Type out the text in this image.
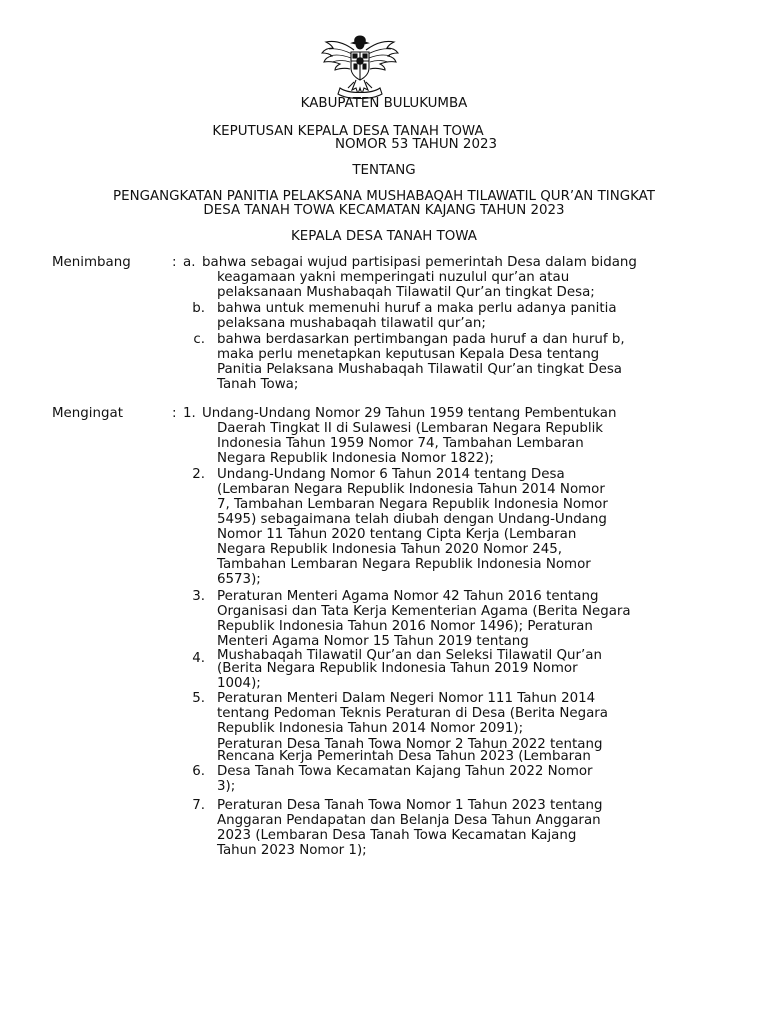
KABUPATEN BULUKUMBA
KEPUTUSAN KEPALA DESA TANAH TOWA
NOMOR 53 TAHUN 2023
TENTANG
PENGANGKATAN PANITIA PELAKSANA MUSHABAQAH TILAWATIL QUR’AN TINGKAT
DESA TANAH TOWA KECAMATAN KAJANG TAHUN 2023
KEPALA DESA TANAH TOWA
Menimbang	: a. bahwa sebagai wujud partisipasi pemerintah Desa dalam bidang
keagamaan yakni memperingati nuzulul qur’an atau
pelaksanaan Mushabaqah Tilawatil Qur’an tingkat Desa;
b. bahwa untuk memenuhi huruf a maka perlu adanya panitia
pelaksana mushabaqah tilawatil qur’an;
c. bahwa berdasarkan pertimbangan pada huruf a dan huruf b,
maka perlu menetapkan keputusan Kepala Desa tentang
Panitia Pelaksana Mushabaqah Tilawatil Qur’an tingkat Desa
Tanah Towa;
Mengingat	: 1. Undang-Undang Nomor 29 Tahun 1959 tentang Pembentukan
Daerah Tingkat II di Sulawesi (Lembaran Negara Republik
Indonesia Tahun 1959 Nomor 74, Tambahan Lembaran
Negara Republik Indonesia Nomor 1822);
2. Undang-Undang Nomor 6 Tahun 2014 tentang Desa
(Lembaran Negara Republik Indonesia Tahun 2014 Nomor
7, Tambahan Lembaran Negara Republik Indonesia Nomor
5495) sebagaimana telah diubah dengan Undang-Undang
Nomor 11 Tahun 2020 tentang Cipta Kerja (Lembaran
Negara Republik Indonesia Tahun 2020 Nomor 245,
Tambahan Lembaran Negara Republik Indonesia Nomor
6573);
3. Peraturan Menteri Agama Nomor 42 Tahun 2016 tentang
Organisasi dan Tata Kerja Kementerian Agama (Berita Negara
Republik Indonesia Tahun 2016 Nomor 1496); Peraturan
Menteri Agama Nomor 15 Tahun 2019 tentang
4. Mushabaqah Tilawatil Qur’an dan Seleksi Tilawatil Qur’an
(Berita Negara Republik Indonesia Tahun 2019 Nomor
1004);
5. Peraturan Menteri Dalam Negeri Nomor 111 Tahun 2014
tentang Pedoman Teknis Peraturan di Desa (Berita Negara
Republik Indonesia Tahun 2014 Nomor 2091);
Peraturan Desa Tanah Towa Nomor 2 Tahun 2022 tentang
Rencana Kerja Pemerintah Desa Tahun 2023 (Lembaran
6. Desa Tanah Towa Kecamatan Kajang Tahun 2022 Nomor
3);
7. Peraturan Desa Tanah Towa Nomor 1 Tahun 2023 tentang
Anggaran Pendapatan dan Belanja Desa Tahun Anggaran
2023 (Lembaran Desa Tanah Towa Kecamatan Kajang
Tahun 2023 Nomor 1);
